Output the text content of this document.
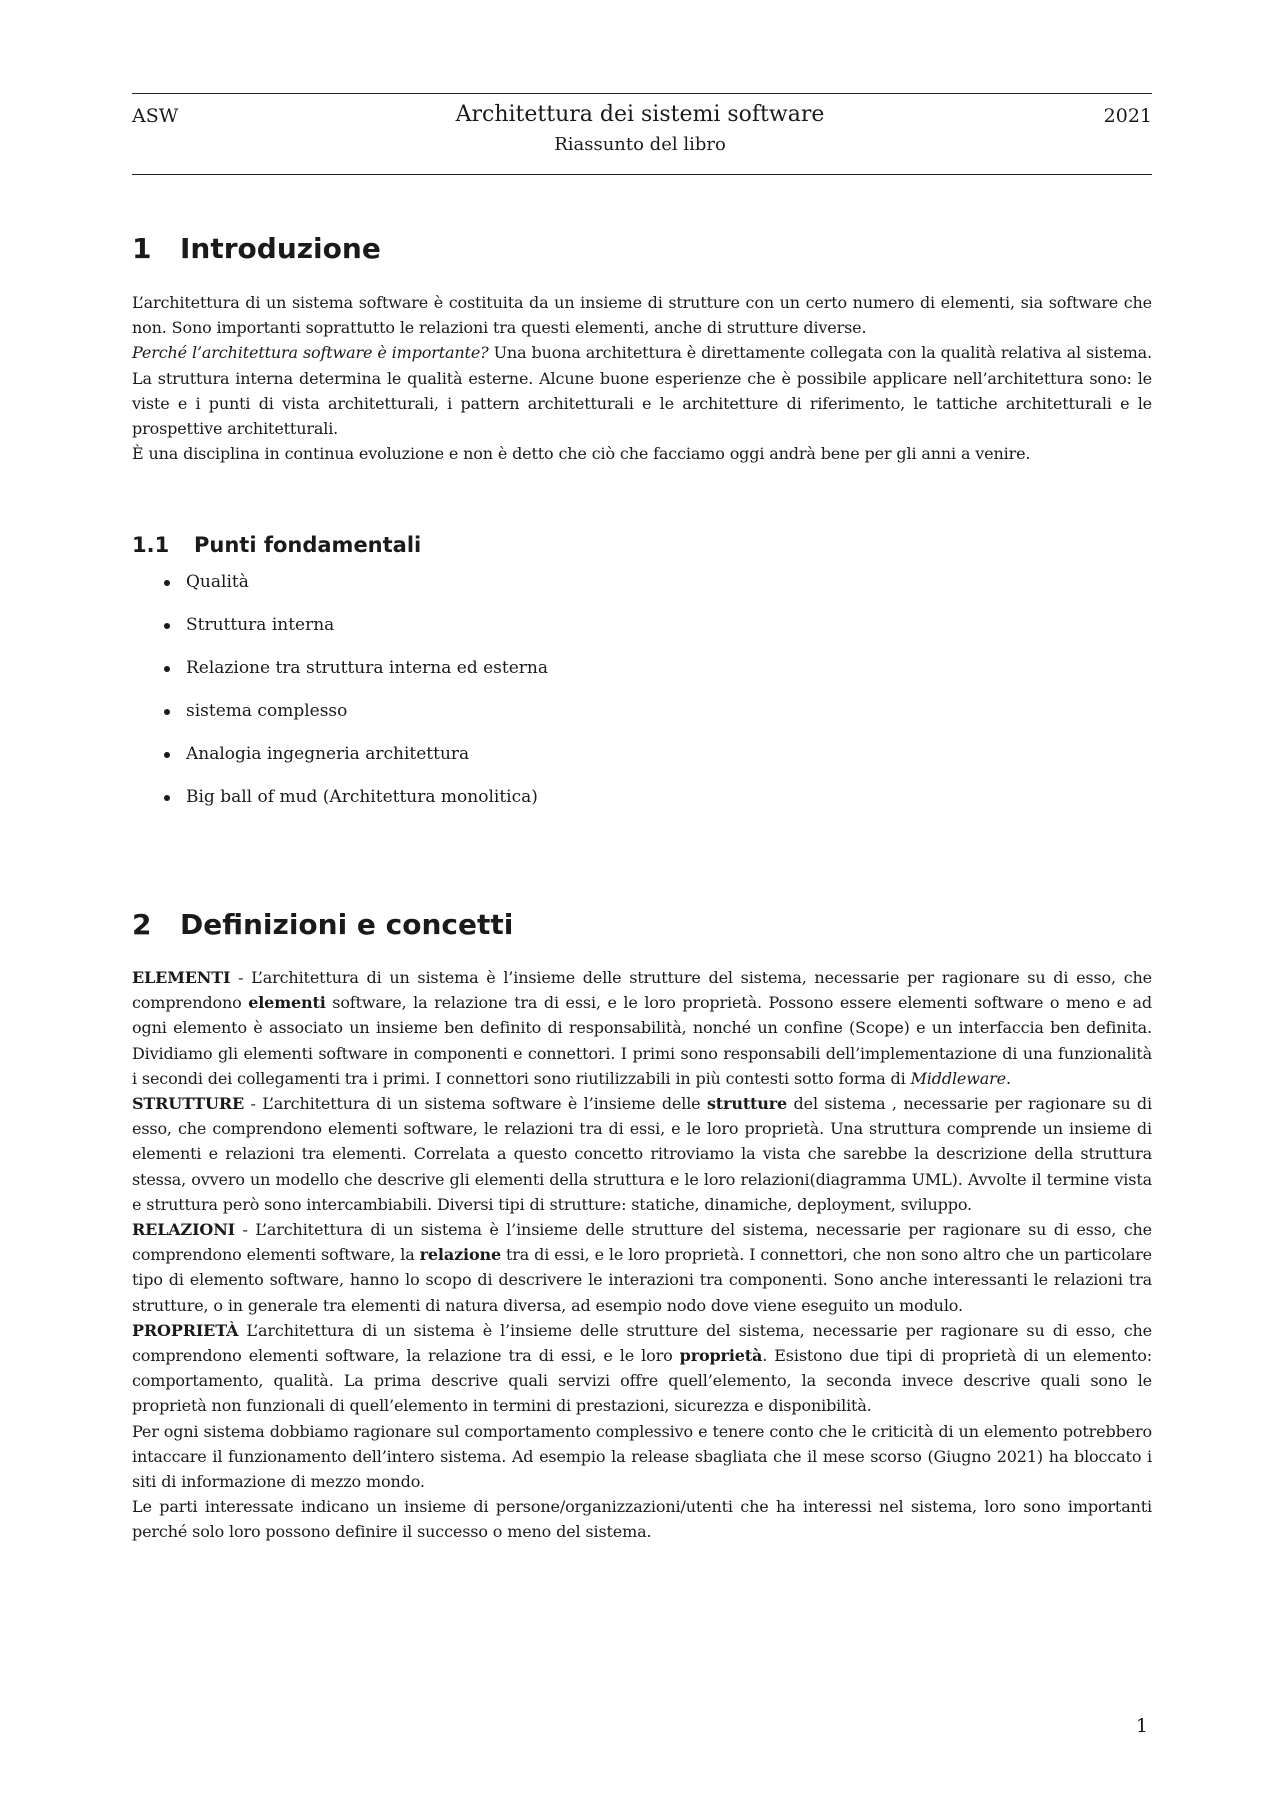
ASW	Architettura dei sistemi software
Riassunto del libro
2021
1 Introduzione

L’architettura di un sistema software è costituita da un insieme di strutture con un certo numero di elementi, sia software che non. Sono importanti soprattutto le relazioni tra questi elementi, anche di strutture diverse.
Perché l’architettura software è importante? Una buona architettura è direttamente collegata con la qualità relativa al sistema. La struttura interna determina le qualità esterne. Alcune buone esperienze che è possibile applicare nell’architettura sono: le viste e i punti di vista architetturali, i pattern architetturali e le architetture di riferimento, le tattiche architetturali e le prospettive architetturali.
È una disciplina in continua evoluzione e non è detto che ciò che facciamo oggi andrà bene per gli anni a venire.

1.1 Punti fondamentali
Qualità
Struttura interna
Relazione tra struttura interna ed esterna
sistema complesso
Analogia ingegneria architettura
Big ball of mud (Architettura monolitica)
2 Definizioni e concetti

ELEMENTI - L’architettura di un sistema è l’insieme delle strutture del sistema, necessarie per ragionare su di esso, che comprendono elementi software, la relazione tra di essi, e le loro proprietà. Possono essere elementi software o meno e ad ogni elemento è associato un insieme ben definito di responsabilità, nonché un confine (Scope) e un interfaccia ben definita. Dividiamo gli elementi software in componenti e connettori. I primi sono responsabili dell’implementazione di una funzionalità i secondi dei collegamenti tra i primi. I connettori sono riutilizzabili in più contesti sotto forma di Middleware.
STRUTTURE - L’architettura di un sistema software è l’insieme delle strutture del sistema , necessarie per ragionare su di esso, che comprendono elementi software, le relazioni tra di essi, e le loro proprietà. Una struttura comprende un insieme di elementi e relazioni tra elementi. Correlata a questo concetto ritroviamo la vista che sarebbe la descrizione della struttura stessa, ovvero un modello che descrive gli elementi della struttura e le loro relazioni(diagramma UML). Avvolte il termine vista e struttura però sono intercambiabili. Diversi tipi di strutture: statiche, dinamiche, deployment, sviluppo.
RELAZIONI - L’architettura di un sistema è l’insieme delle strutture del sistema, necessarie per ragionare su di esso, che comprendono elementi software, la relazione tra di essi, e le loro proprietà. I connettori, che non sono altro che un particolare tipo di elemento software, hanno lo scopo di descrivere le interazioni tra componenti. Sono anche interessanti le relazioni tra strutture, o in generale tra elementi di natura diversa, ad esempio nodo dove viene eseguito un modulo.
PROPRIETÀ L’architettura di un sistema è l’insieme delle strutture del sistema, necessarie per ragionare su di esso, che comprendono elementi software, la relazione tra di essi, e le loro proprietà. Esistono due tipi di proprietà di un elemento: comportamento, qualità. La prima descrive quali servizi offre quell’elemento, la seconda invece descrive quali sono le proprietà non funzionali di quell’elemento in termini di prestazioni, sicurezza e disponibilità.
Per ogni sistema dobbiamo ragionare sul comportamento complessivo e tenere conto che le criticità di un elemento potrebbero intaccare il funzionamento dell’intero sistema. Ad esempio la release sbagliata che il mese scorso (Giugno 2021) ha bloccato i siti di informazione di mezzo mondo.
Le parti interessate indicano un insieme di persone/organizzazioni/utenti che ha interessi nel sistema, loro sono importanti perché solo loro possono definire il successo o meno del sistema.

1
